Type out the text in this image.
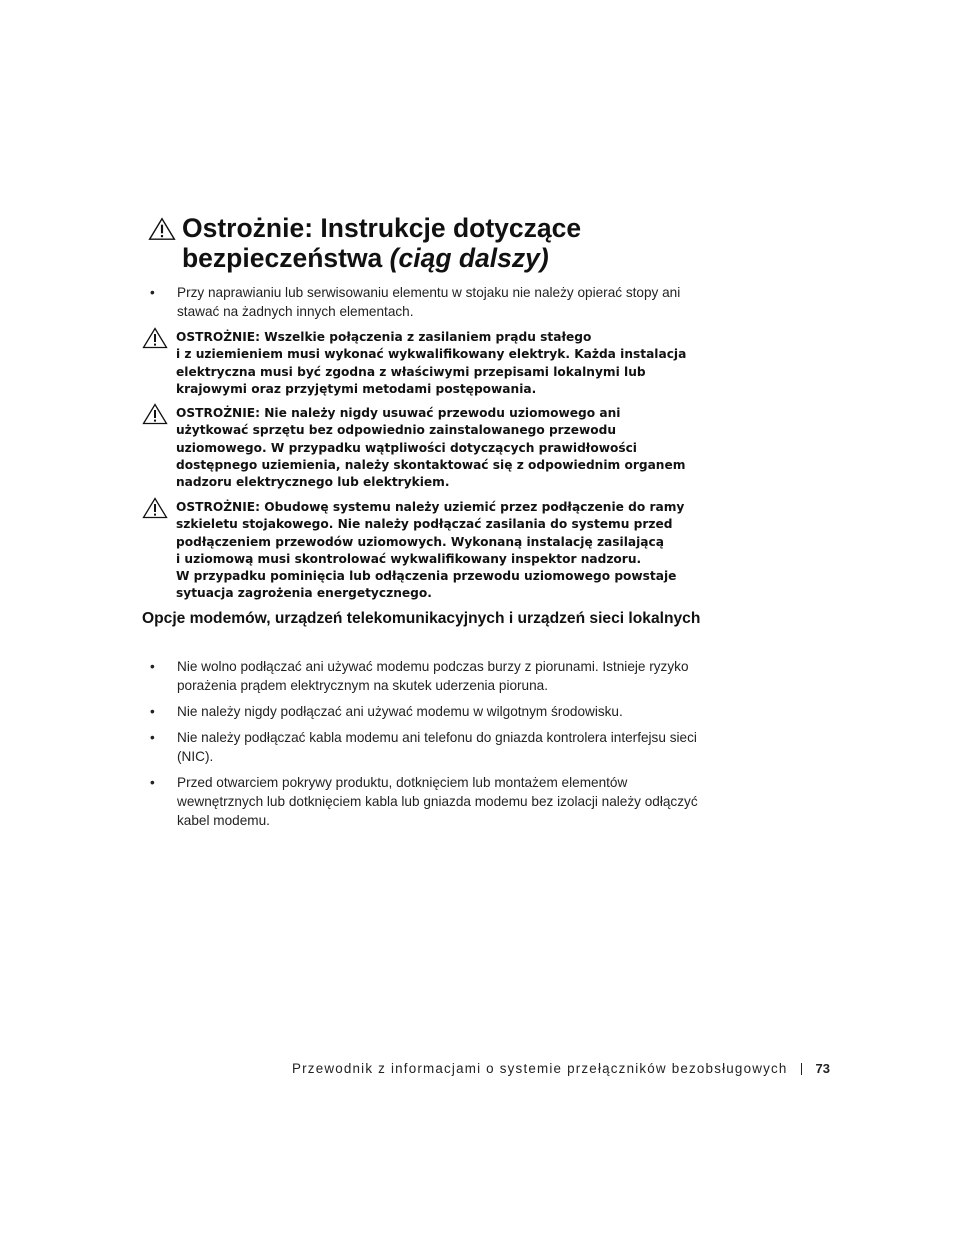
Ostrożnie: Instrukcje dotyczące
bezpieczeństwa (ciąg dalszy)
•	Przy naprawianiu lub serwisowaniu elementu w stojaku nie należy opierać stopy ani stawać na żadnych innych elementach.
OSTROŻNIE: Wszelkie połączenia z zasilaniem prądu stałego
i z uziemieniem musi wykonać wykwalifikowany elektryk. Każda instalacja
elektryczna musi być zgodna z właściwymi przepisami lokalnymi lub
krajowymi oraz przyjętymi metodami postępowania.
OSTROŻNIE: Nie należy nigdy usuwać przewodu uziomowego ani
użytkować sprzętu bez odpowiednio zainstalowanego przewodu
uziomowego. W przypadku wątpliwości dotyczących prawidłowości
dostępnego uziemienia, należy skontaktować się z odpowiednim organem
nadzoru elektrycznego lub elektrykiem.
OSTROŻNIE: Obudowę systemu należy uziemić przez podłączenie do ramy
szkieletu stojakowego. Nie należy podłączać zasilania do systemu przed
podłączeniem przewodów uziomowych. Wykonaną instalację zasilającą
i uziomową musi skontrolować wykwalifikowany inspektor nadzoru.
W przypadku pominięcia lub odłączenia przewodu uziomowego powstaje
sytuacja zagrożenia energetycznego.
Opcje modemów, urządzeń telekomunikacyjnych i urządzeń sieci lokalnych
•	Nie wolno podłączać ani używać modemu podczas burzy z piorunami. Istnieje ryzyko porażenia prądem elektrycznym na skutek uderzenia pioruna.
•	Nie należy nigdy podłączać ani używać modemu w wilgotnym środowisku.
•	Nie należy podłączać kabla modemu ani telefonu do gniazda kontrolera interfejsu sieci (NIC).
•	Przed otwarciem pokrywy produktu, dotknięciem lub montażem elementów wewnętrznych lub dotknięciem kabla lub gniazda modemu bez izolacji należy odłączyć kabel modemu.
Przewodnik z informacjami o systemie przełączników bezobsługowych 73
